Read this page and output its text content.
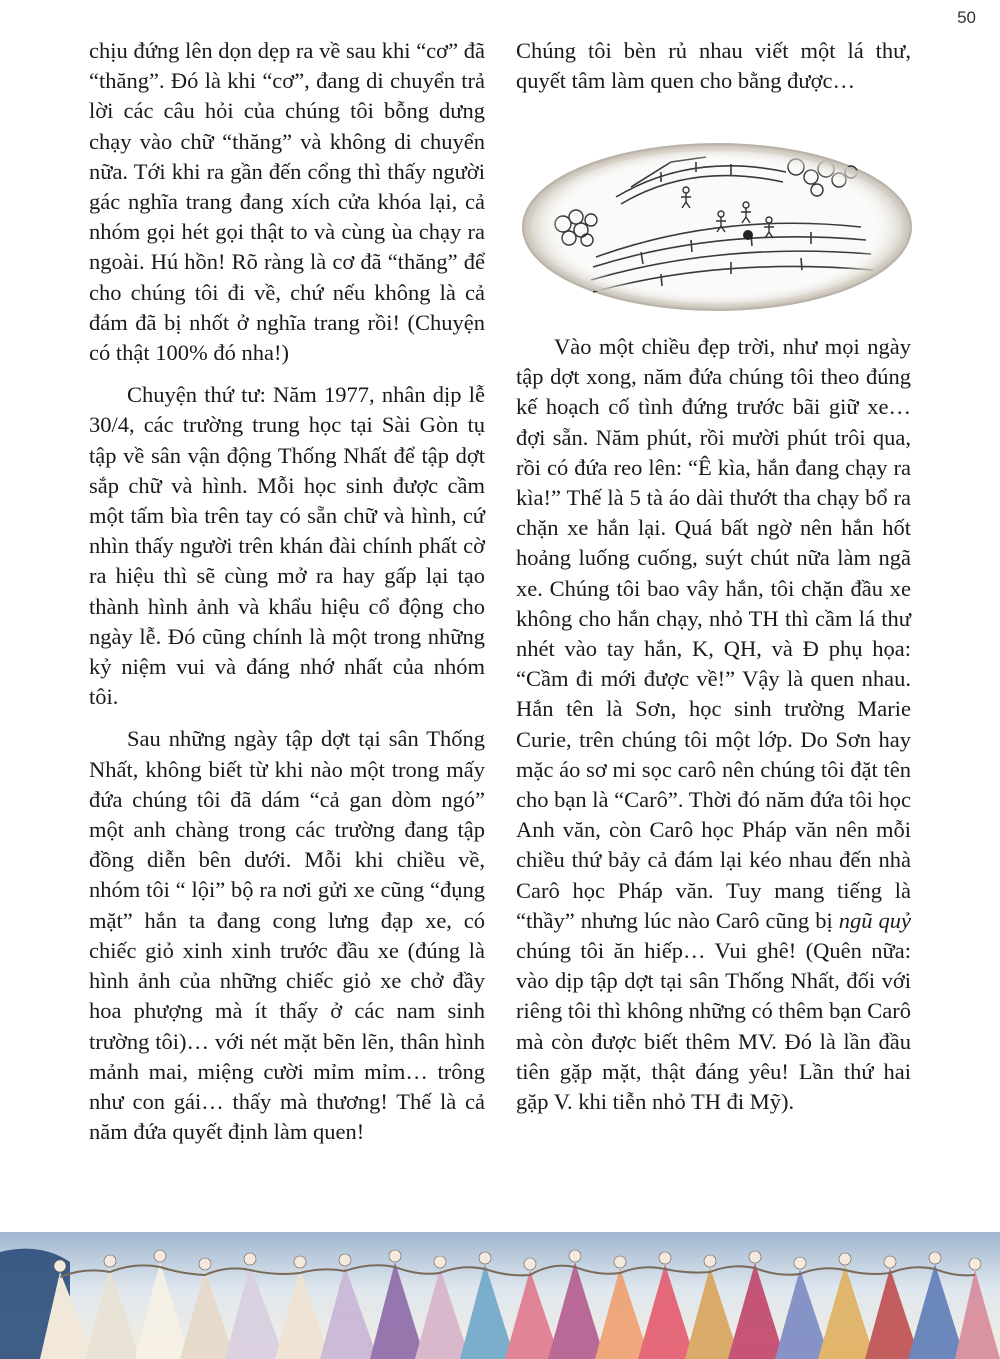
50

chịu đứng lên dọn dẹp ra về sau khi “cơ” đã “thăng”. Đó là khi “cơ”, đang di chuyển trả lời các câu hỏi của chúng tôi bỗng dưng chạy vào chữ “thăng” và không di chuyển nữa. Tới khi ra gần đến cổng thì thấy người gác nghĩa trang đang xích cửa khóa lại, cả nhóm gọi hét gọi thật to và cùng ùa chạy ra ngoài. Hú hồn! Rõ ràng là cơ đã “thăng” để cho chúng tôi đi về, chứ nếu không là cả đám đã bị nhốt ở nghĩa trang rồi! (Chuyện có thật 100% đó nha!)

Chuyện thứ tư: Năm 1977, nhân dịp lễ 30/4, các trường trung học tại Sài Gòn tụ tập về sân vận động Thống Nhất để tập dợt sắp chữ và hình. Mỗi học sinh được cầm một tấm bìa trên tay có sẵn chữ và hình, cứ nhìn thấy người trên khán đài chính phất cờ ra hiệu thì sẽ cùng mở ra hay gấp lại tạo thành hình ảnh và khẩu hiệu cổ động cho ngày lễ. Đó cũng chính là một trong những kỷ niệm vui và đáng nhớ nhất của nhóm tôi.

Sau những ngày tập dợt tại sân Thống Nhất, không biết từ khi nào một trong mấy đứa chúng tôi đã dám “cả gan dòm ngó” một anh chàng trong các trường đang tập đồng diễn bên dưới. Mỗi khi chiều về, nhóm tôi “ lội” bộ ra nơi gửi xe cũng “đụng mặt” hắn ta đang cong lưng đạp xe, có chiếc giỏ xinh xinh trước đầu xe (đúng là hình ảnh của những chiếc giỏ xe chở đầy hoa phượng mà ít thấy ở các nam sinh trường tôi)… với nét mặt bẽn lẽn, thân hình mảnh mai, miệng cười mỉm mỉm… trông như con gái… thấy mà thương! Thế là cả năm đứa quyết định làm quen!

Chúng tôi bèn rủ nhau viết một lá thư, quyết tâm làm quen cho bằng được…

Vào một chiều đẹp trời, như mọi ngày tập dợt xong, năm đứa chúng tôi theo đúng kế hoạch cố tình đứng trước bãi giữ xe… đợi sẵn. Năm phút, rồi mười phút trôi qua, rồi có đứa reo lên: “Ê kìa, hắn đang chạy ra kìa!” Thế là 5 tà áo dài thướt tha chạy bổ ra chặn xe hắn lại. Quá bất ngờ nên hắn hốt hoảng luống cuống, suýt chút nữa làm ngã xe. Chúng tôi bao vây hắn, tôi chặn đầu xe không cho hắn chạy, nhỏ TH thì cầm lá thư nhét vào tay hắn, K, QH, và Đ phụ họa: “Cầm đi mới được về!” Vậy là quen nhau. Hắn tên là Sơn, học sinh trường Marie Curie, trên chúng tôi một lớp. Do Sơn hay mặc áo sơ mi sọc carô nên chúng tôi đặt tên cho bạn là “Carô”. Thời đó năm đứa tôi học Anh văn, còn Carô học Pháp văn nên mỗi chiều thứ bảy cả đám lại kéo nhau đến nhà Carô học Pháp văn. Tuy mang tiếng là “thầy” nhưng lúc nào Carô cũng bị ngũ quỷ chúng tôi ăn hiếp… Vui ghê! (Quên nữa: vào dịp tập dợt tại sân Thống Nhất, đối với riêng tôi thì không những có thêm bạn Carô mà còn được biết thêm MV. Đó là lần đầu tiên gặp mặt, thật đáng yêu! Lần thứ hai gặp V. khi tiễn nhỏ TH đi Mỹ).
